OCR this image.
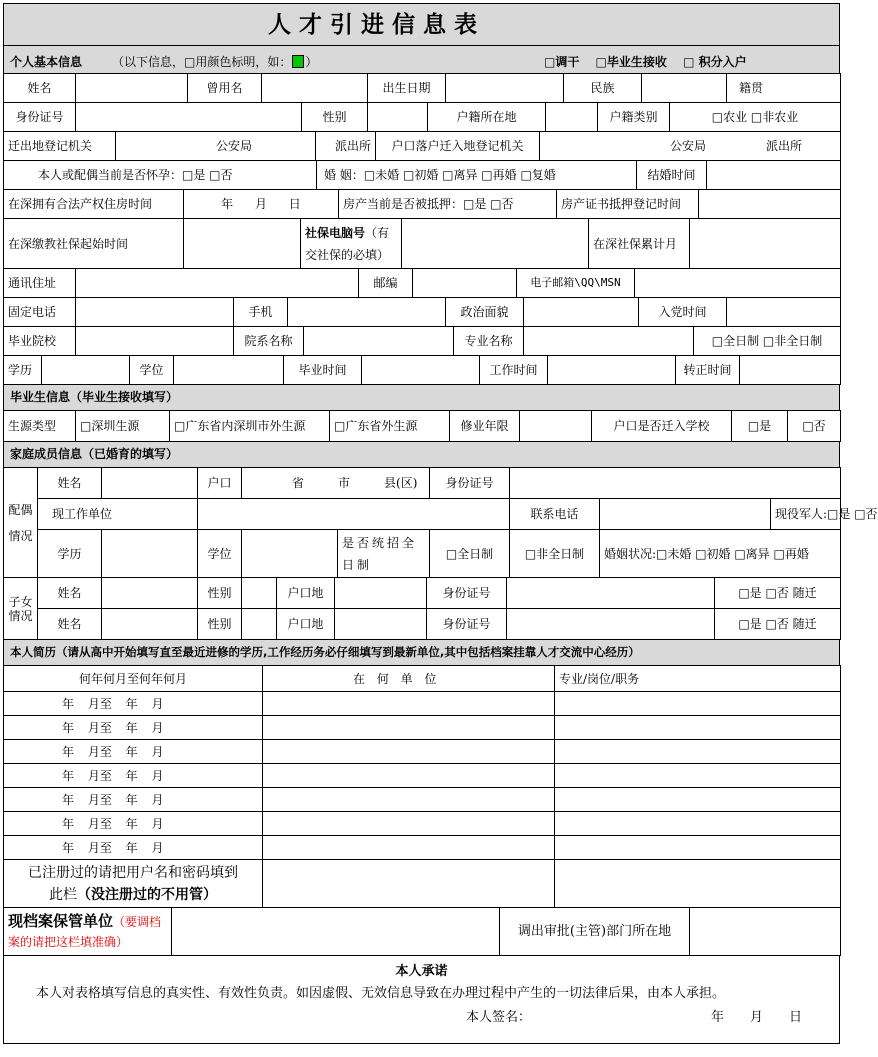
人才引进信息表
个人基本信息 （以下信息，□用颜色标明，如： ）	□调干 □毕业生接收 □ 积分入户
姓名		曾用名		出生日期		民族		籍贯
身份证号		性别		户籍所在地		户籍类别	□农业 □非农业
迁出地登记机关	公安局	派出所	户口落户迁入地登记机关	公安局	派出所
本人或配偶当前是否怀孕：□是 □否	婚 姻：□未婚 □初婚 □离异 □再婚 □复婚	结婚时间	
在深拥有合法产权住房时间	年 月 日	房产当前是否被抵押：□是 □否	房产证书抵押登记时间	
在深缴教社保起始时间		社保电脑号（有交社保的必填）		在深社保累计月	
通讯住址		邮编		电子邮箱\QQ\MSN	
固定电话		手机		政治面貌		入党时间	
毕业院校		院系名称		专业名称		□全日制 □非全日制
学历		学位		毕业时间		工作时间		转正时间	
毕业生信息（毕业生接收填写）
生源类型	□深圳生源	□广东省内深圳市外生源	□广东省外生源	修业年限		户口是否迁入学校	□是	□否
家庭成员信息（已婚育的填写）
配偶情况	姓名		户口	省 市 县(区)		身份证号			
	现工作单位						联系电话		现役军人:□是 □否
	学历		学位		是否统招全日制	□全日制	□非全日制	婚姻状况:□未婚 □初婚 □离异 □再婚	
子女情况	姓名		性别		户口地		身份证号		□是 □否 随迁
	姓名		性别		户口地		身份证号		□是 □否 随迁
本人简历（请从高中开始填写直至最近进修的学历,工作经历务必仔细填写到最新单位,其中包括档案挂靠人才交流中心经历）
何年何月至何年何月	在 何 单 位	专业/岗位/职务
年 月至 年 月		
年 月至 年 月		
年 月至 年 月		
年 月至 年 月		
年 月至 年 月		
年 月至 年 月		
年 月至 年 月		
已注册过的请把用户名和密码填到
此栏（没注册过的不用管）		
现档案保管单位（要调档案的请把这栏填准确）		调出审批(主管)部门所在地	
本人承诺
本人对表格填写信息的真实性、有效性负责。如因虚假、无效信息导致在办理过程中产生的一切法律后果，由本人承担。
本人签名：	年　　月　　日
